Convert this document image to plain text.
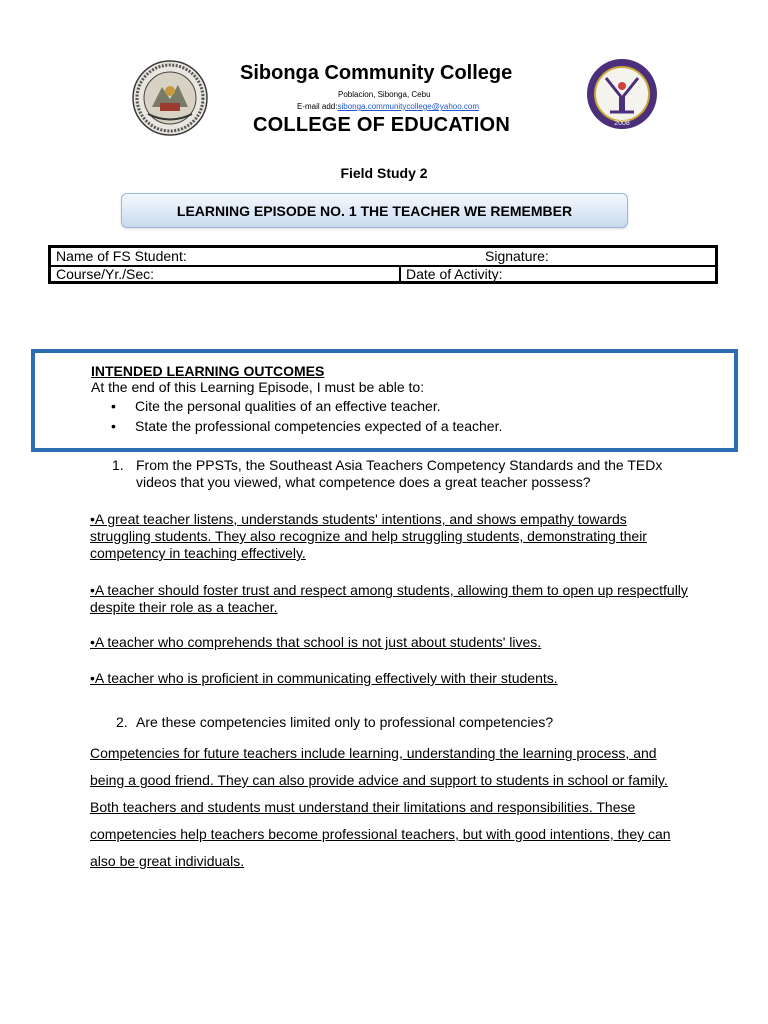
2008
Sibonga Community College
Poblacion, Sibonga, Cebu
E-mail add:sibonga.communitycollege@yahoo.com
COLLEGE OF EDUCATION
Field Study 2
LEARNING EPISODE NO. 1 THE TEACHER WE REMEMBER
Name of FS Student:	Signature:
Course/Yr./Sec:	Date of Activity:
INTENDED LEARNING OUTCOMES
At the end of this Learning Episode, I must be able to:
• Cite the personal qualities of an effective teacher.
• State the professional competencies expected of a teacher.
1. From the PPSTs, the Southeast Asia Teachers Competency Standards and the TEDx videos that you viewed, what competence does a great teacher possess?
•A great teacher listens, understands students' intentions, and shows empathy towards struggling students. They also recognize and help struggling students, demonstrating their competency in teaching effectively.
•A teacher should foster trust and respect among students, allowing them to open up respectfully despite their role as a teacher.
•A teacher who comprehends that school is not just about students' lives.
•A teacher who is proficient in communicating effectively with their students.
2. Are these competencies limited only to professional competencies?
Competencies for future teachers include learning, understanding the learning process, and being a good friend. They can also provide advice and support to students in school or family. Both teachers and students must understand their limitations and responsibilities. These competencies help teachers become professional teachers, but with good intentions, they can also be great individuals.
